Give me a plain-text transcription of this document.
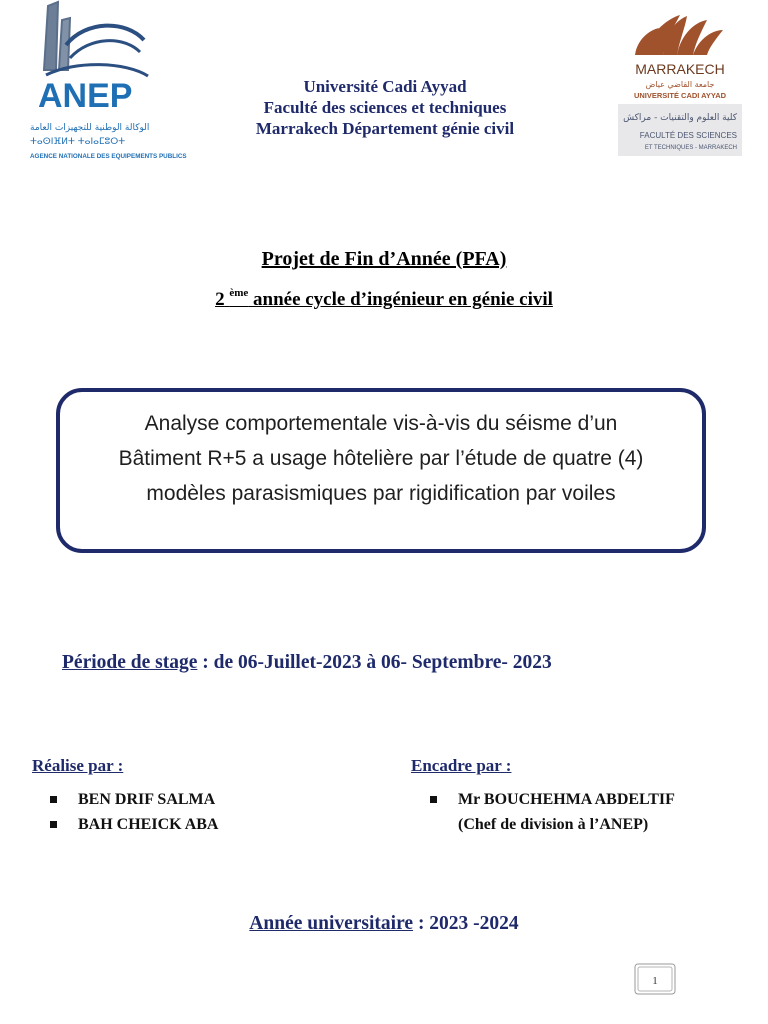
ANEP
الوكالة الوطنية للتجهيزات العامة
ⵜⴰⵙⵏⴼⵍⵜ ⵜⴰⵏⴰⵎⵓⵔⵜ
AGENCE NATIONALE DES EQUIPEMENTS PUBLICS
Université Cadi Ayyad
Faculté des sciences et techniques
Marrakech Département génie civil
MARRAKECH
جامعة القاضي عياض
UNIVERSITÉ CADI AYYAD
كلية العلوم والتقنيات - مراكش
FACULTÉ DES SCIENCES
ET TECHNIQUES - MARRAKECH
Projet de Fin d’Année (PFA)
2 $^{ème}$ année cycle d’ingénieur en génie civil
Analyse comportementale vis-à-vis du séisme d’un
Bâtiment R+5 a usage hôtelière par l’étude de quatre (4)
modèles parasismiques par rigidification par voiles
Période de stage : de 06-Juillet-2023 à 06- Septembre- 2023
Réalise par :
BEN DRIF SALMA
BAH CHEICK ABA
Encadre par :
Mr BOUCHEHMA ABDELTIF
(Chef de division à l’ANEP)
Année universitaire : 2023 -2024
1
